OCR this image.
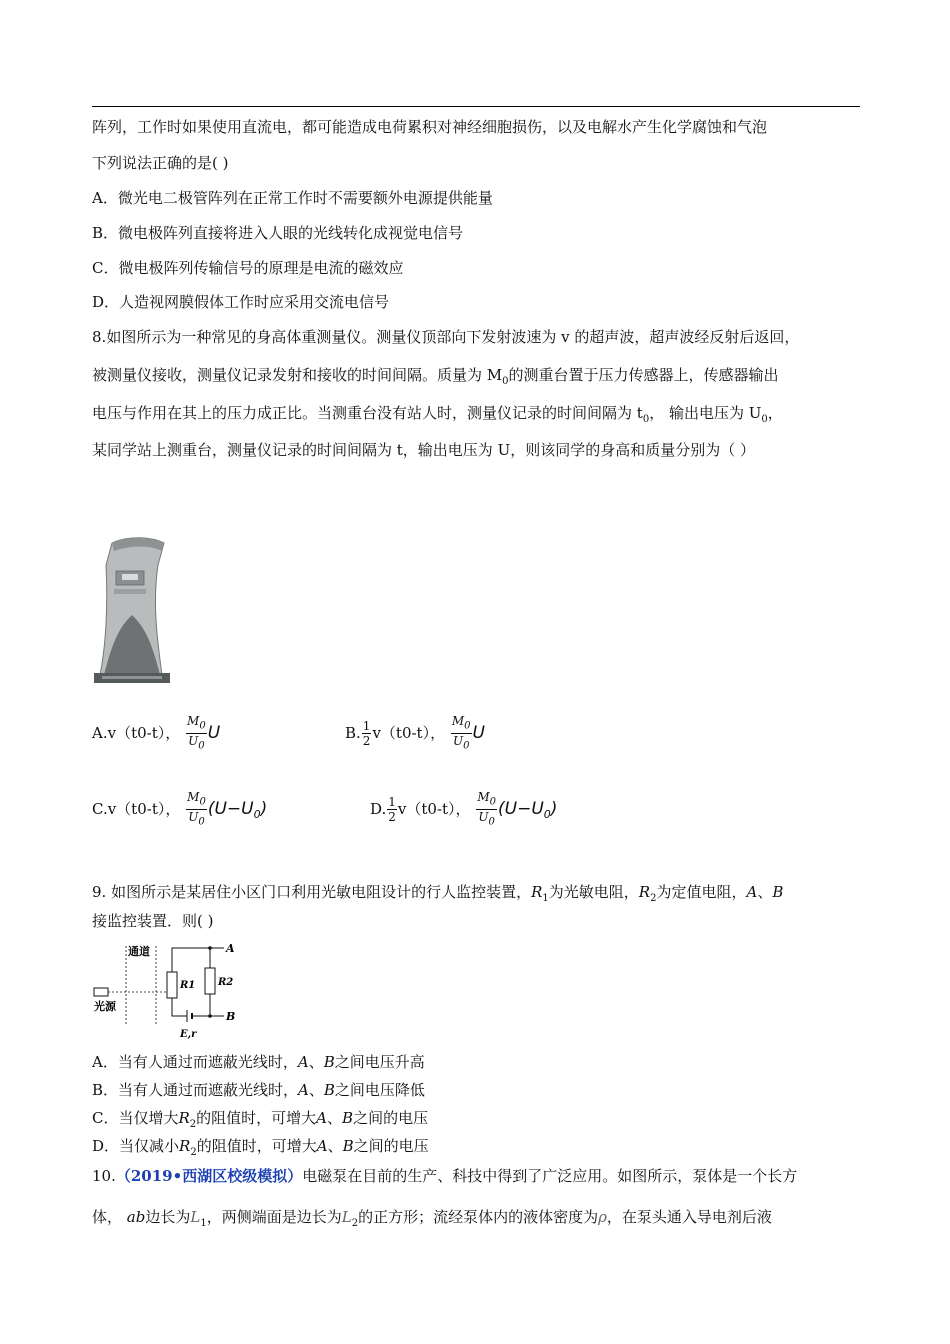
阵列，工作时如果使用直流电，都可能造成电荷累积对神经细胞损伤，以及电解水产生化学腐蚀和气泡
下列说法正确的是( )
A．微光电二极管阵列在正常工作时不需要额外电源提供能量
B．微电极阵列直接将进入人眼的光线转化成视觉电信号
C．微电极阵列传输信号的原理是电流的磁效应
D．人造视网膜假体工作时应采用交流电信号
8.如图所示为一种常见的身高体重测量仪。测量仪顶部向下发射波速为 v 的超声波，超声波经反射后返回，
被测量仪接收，测量仪记录发射和接收的时间间隔。质量为 $M_0$的测重台置于压力传感器上，传感器输出
电压与作用在其上的压力成正比。当测重台没有站人时，测量仪记录的时间间隔为 $t_0$， 输出电压为 $U_0$，
某同学站上测重台，测量仪记录的时间间隔为 t，输出电压为 U，则该同学的身高和质量分别为（ ）
A.v（t0-t）， $\frac{M_0}{U_0}$ U	B. $\frac{1}{2} v(t0-t)$， $\frac{M_0}{U_0}$ U
C.v（t0-t）， $\frac{M_0}{U_0} (U-U_0)$	D. $\frac{1}{2} v(t0-t)$， $\frac{M_0}{U_0} (U-U_0)$
9. 如图所示是某居住小区门口利用光敏电阻设计的行人监控装置，$R_1$为光敏电阻，$R_2$为定值电阻，A、B
接监控装置．则( )
通道
光源
R1 R2
A
B
E,r
A．当有人通过而遮蔽光线时，A、B之间电压升高
B．当有人通过而遮蔽光线时，A、B之间电压降低
C．当仅增大$R_2$的阻值时，可增大A、B之间的电压
D．当仅减小$R_2$的阻值时，可增大A、B之间的电压
10.（2019•西湖区校级模拟）电磁泵在目前的生产、科技中得到了广泛应用。如图所示，泵体是一个长方
体， ab边长为$L_1$，两侧端面是边长为$L_2$的正方形；流经泵体内的液体密度为ρ，在泵头通入导电剂后液
